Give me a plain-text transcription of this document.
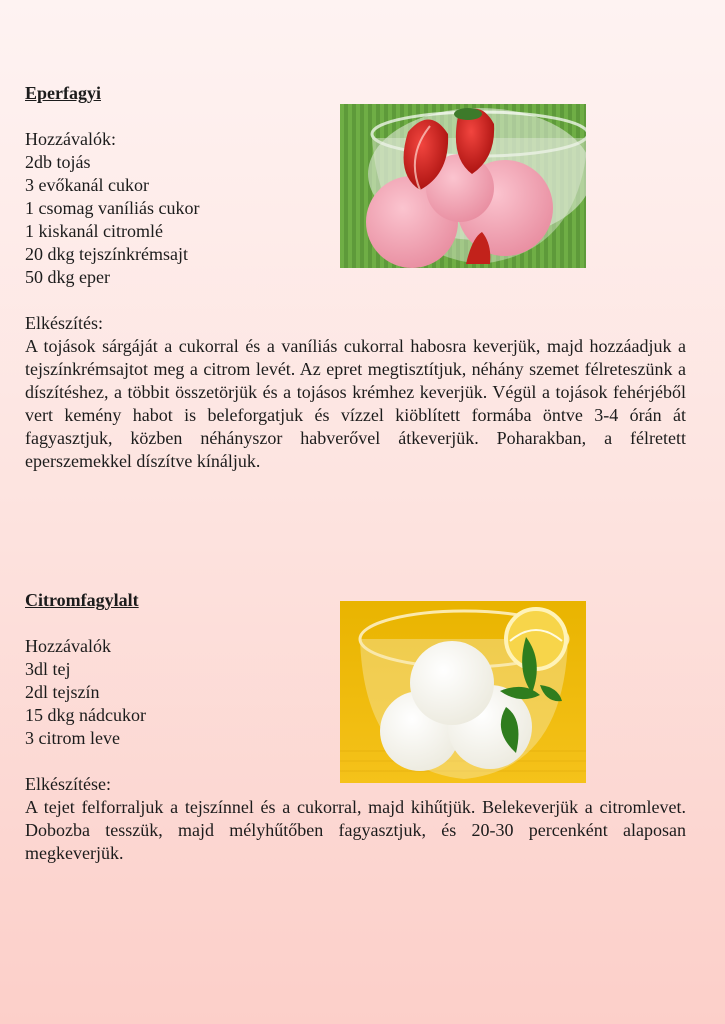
Eperfagyi
Hozzávalók:
2db tojás
3 evőkanál cukor
1 csomag vaníliás cukor
1 kiskanál citromlé
20 dkg tejszínkrémsajt
50 dkg eper
Elkészítés:

A tojások sárgáját a cukorral és a vaníliás cukorral habosra keverjük, majd hozzáadjuk a tejszínkrémsajtot meg a citrom levét. Az epret megtisztítjuk, néhány szemet félreteszünk a díszítéshez, a többit összetörjük és a tojásos krémhez keverjük. Végül a tojások fehérjéből vert kemény habot is beleforgatjuk és vízzel kiöblített formába öntve 3-4 órán át fagyasztjuk, közben néhányszor habverővel átkeverjük. Poharakban, a félretett eperszemekkel díszítve kínáljuk.

Citromfagylalt
Hozzávalók
3dl tej
2dl tejszín
15 dkg nádcukor
3 citrom leve
Elkészítése:

A tejet felforraljuk a tejszínnel és a cukorral, majd kihűtjük. Belekeverjük a citromlevet. Dobozba tesszük, majd mélyhűtőben fagyasztjuk, és 20-30 percenként alaposan megkeverjük.
